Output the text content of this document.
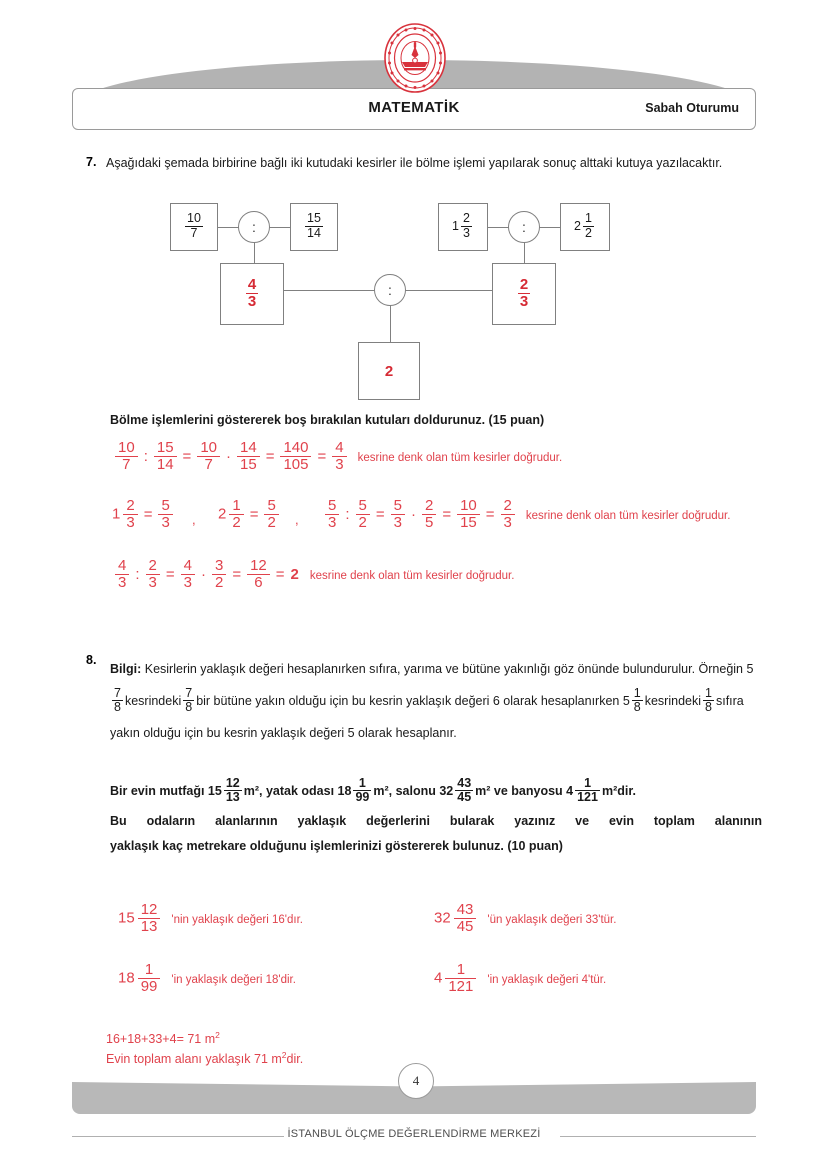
MATEMATİK	Sabah Oturumu
7. Aşağıdaki şemada birbirine bağlı iki kutudaki kesirler ile bölme işlemi yapılarak sonuç alttaki kutuya yazılacaktır.
$\frac{10}{7}$	:	$\frac{15}{14}$
$\frac{4}{3}$
$1 \frac{2}{3}$	:	$2 \frac{1}{2}$
$\frac{2}{3}$
:
2
Bölme işlemlerini göstererek boş bırakılan kutuları doldurunuz. (15 puan)
$\frac{10}{7}$ : $\frac{15}{14} = \frac{10}{7} \cdot \frac{14}{15} = \frac{140}{105} = \frac{4}{3}$ kesrine denk olan tüm kesirler doğrudur.
$1 \frac{2}{3} = \frac{5}{3}$ , $2 \frac{1}{2} = \frac{5}{2}$ , $\frac{5}{3}$ : $\frac{5}{2} = \frac{5}{3} \cdot \frac{2}{5} = \frac{10}{15} = \frac{2}{3}$ kesrine denk olan tüm kesirler doğrudur.
$\frac{4}{3}$ : $\frac{2}{3} = \frac{4}{3} \cdot \frac{3}{2} = \frac{12}{6} = 2$ kesrine denk olan tüm kesirler doğrudur.
8.
Bilgi: Kesirlerin yaklaşık değeri hesaplanırken sıfıra, yarıma ve bütüne yakınlığı göz önünde bulundurulur. Örneğin 5
$\frac{7}{8}$ kesrindeki $\frac{7}{8}$ bir bütüne yakın olduğu için bu kesrin yaklaşık değeri 6 olarak hesaplanırken $5 \frac{1}{8}$ kesrindeki $\frac{1}{8}$ sıfıra yakın olduğu için bu kesrin yaklaşık değeri 5 olarak hesaplanır.
Bir evin mutfağı $15 \frac{12}{13} m^2$, yatak odası $18 \frac{1}{99} m^2$, salonu $32 \frac{43}{45} m^2$ ve banyosu $4 \frac{1}{121} m^2dir$.
Bu odaların alanlarının yaklaşık değerlerini bularak yazınız ve evin toplam alanının
yaklaşık kaç metrekare olduğunu işlemlerinizi göstererek bulunuz. (10 puan)
$15 \frac{12}{13}$ 'nin yaklaşık değeri 16'dır.	$32 \frac{43}{45}$ 'ün yaklaşık değeri 33'tür.
$18 \frac{1}{99}$ 'in yaklaşık değeri 18'dir.	$4 \frac{1}{121}$ 'in yaklaşık değeri 4'tür.
16+18+33+4= 71 $m^2$
Evin toplam alanı yaklaşık 71 $m^2dir$.
4
İSTANBUL ÖLÇME DEĞERLENDİRME MERKEZİ
